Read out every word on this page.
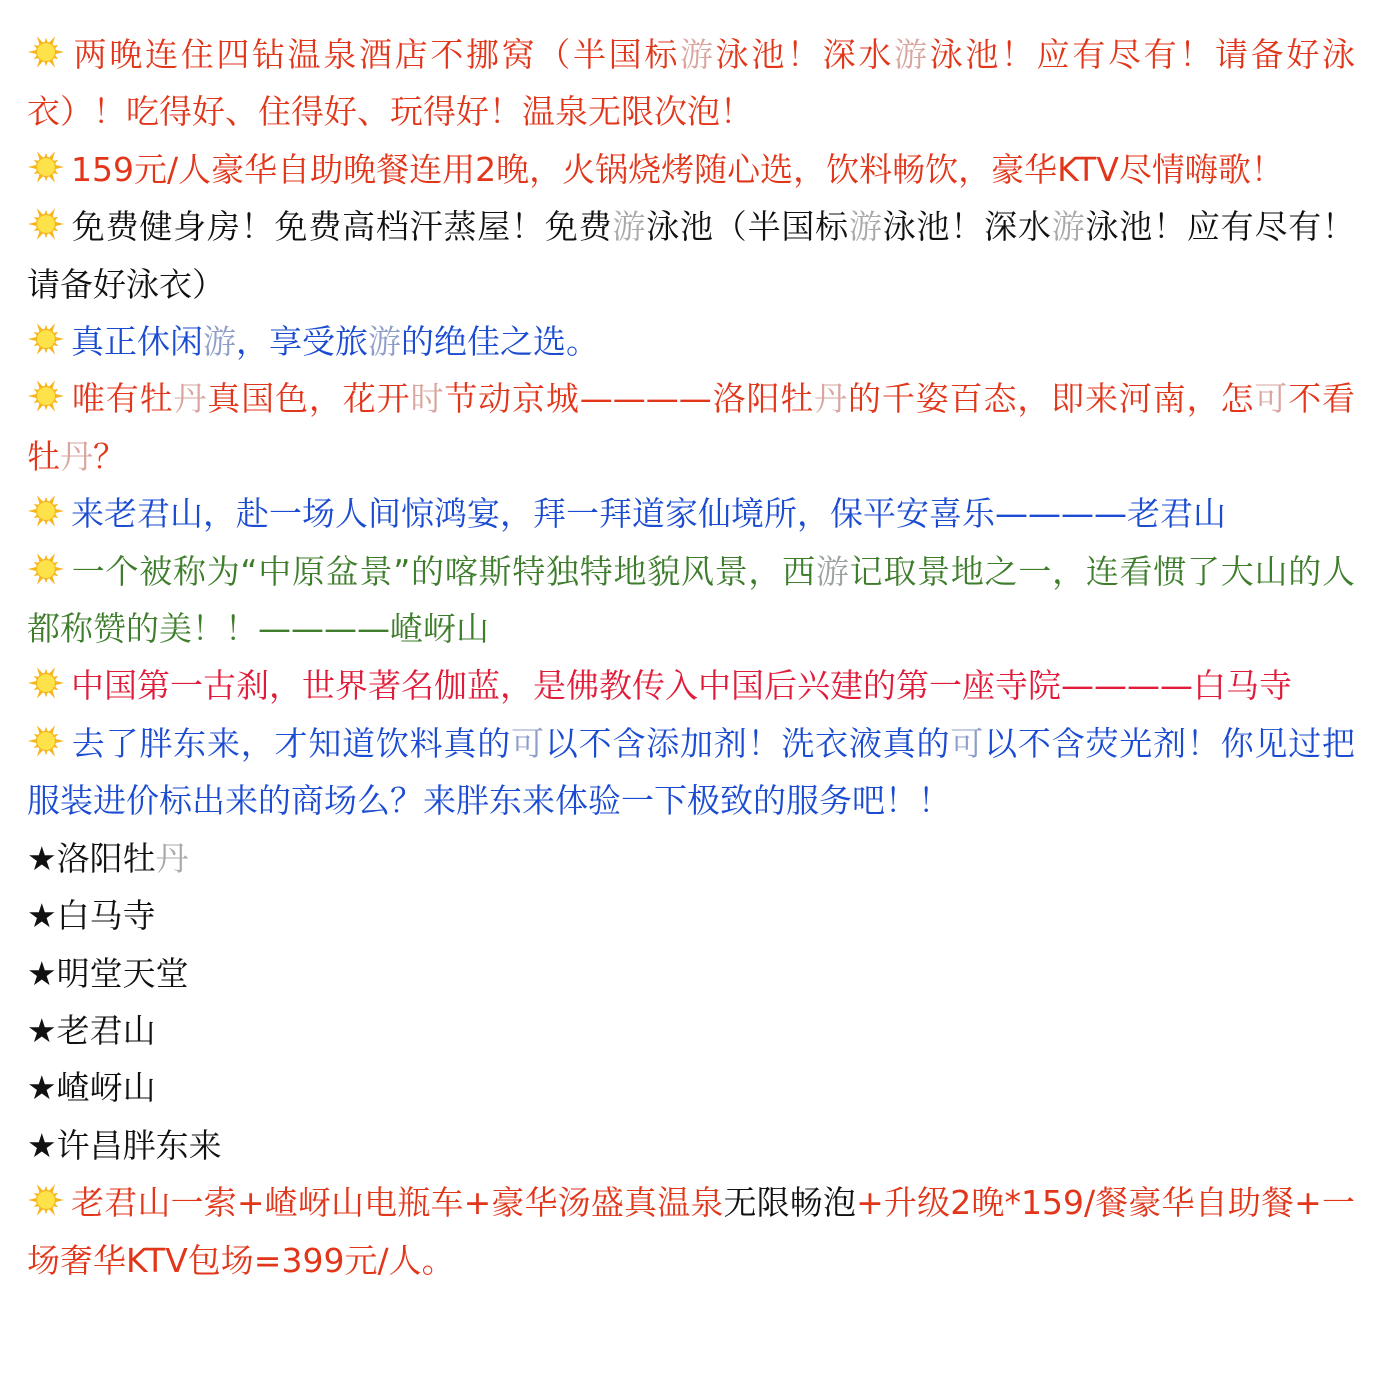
两晚连住四钻温泉酒店不挪窝（半国标游泳池！深水游泳池！应有尽有！请备好泳衣）！吃得好、住得好、玩得好！温泉无限次泡！

159元/人豪华自助晚餐连用2晚，火锅烧烤随心选，饮料畅饮，豪华KTV尽情嗨歌！

免费健身房！免费高档汗蒸屋！免费游泳池（半国标游泳池！深水游泳池！应有尽有！请备好泳衣）

真正休闲游，享受旅游的绝佳之选。

唯有牡丹真国色，花开时节动京城————洛阳牡丹的千姿百态，即来河南，怎可不看牡丹？

来老君山，赴一场人间惊鸿宴，拜一拜道家仙境所，保平安喜乐————老君山

一个被称为“中原盆景”的喀斯特独特地貌风景，西游记取景地之一，连看惯了大山的人都称赞的美！！————嵖岈山

中国第一古刹，世界著名伽蓝，是佛教传入中国后兴建的第一座寺院————白马寺

去了胖东来，才知道饮料真的可以不含添加剂！洗衣液真的可以不含荧光剂！你见过把服装进价标出来的商场么？来胖东来体验一下极致的服务吧！！

★洛阳牡丹

★白马寺

★明堂天堂

★老君山

★嵖岈山

★许昌胖东来

老君山一索+嵖岈山电瓶车+豪华汤盛真温泉无限畅泡+升级2晚*159/餐豪华自助餐+一场奢华KTV包场=399元/人。
